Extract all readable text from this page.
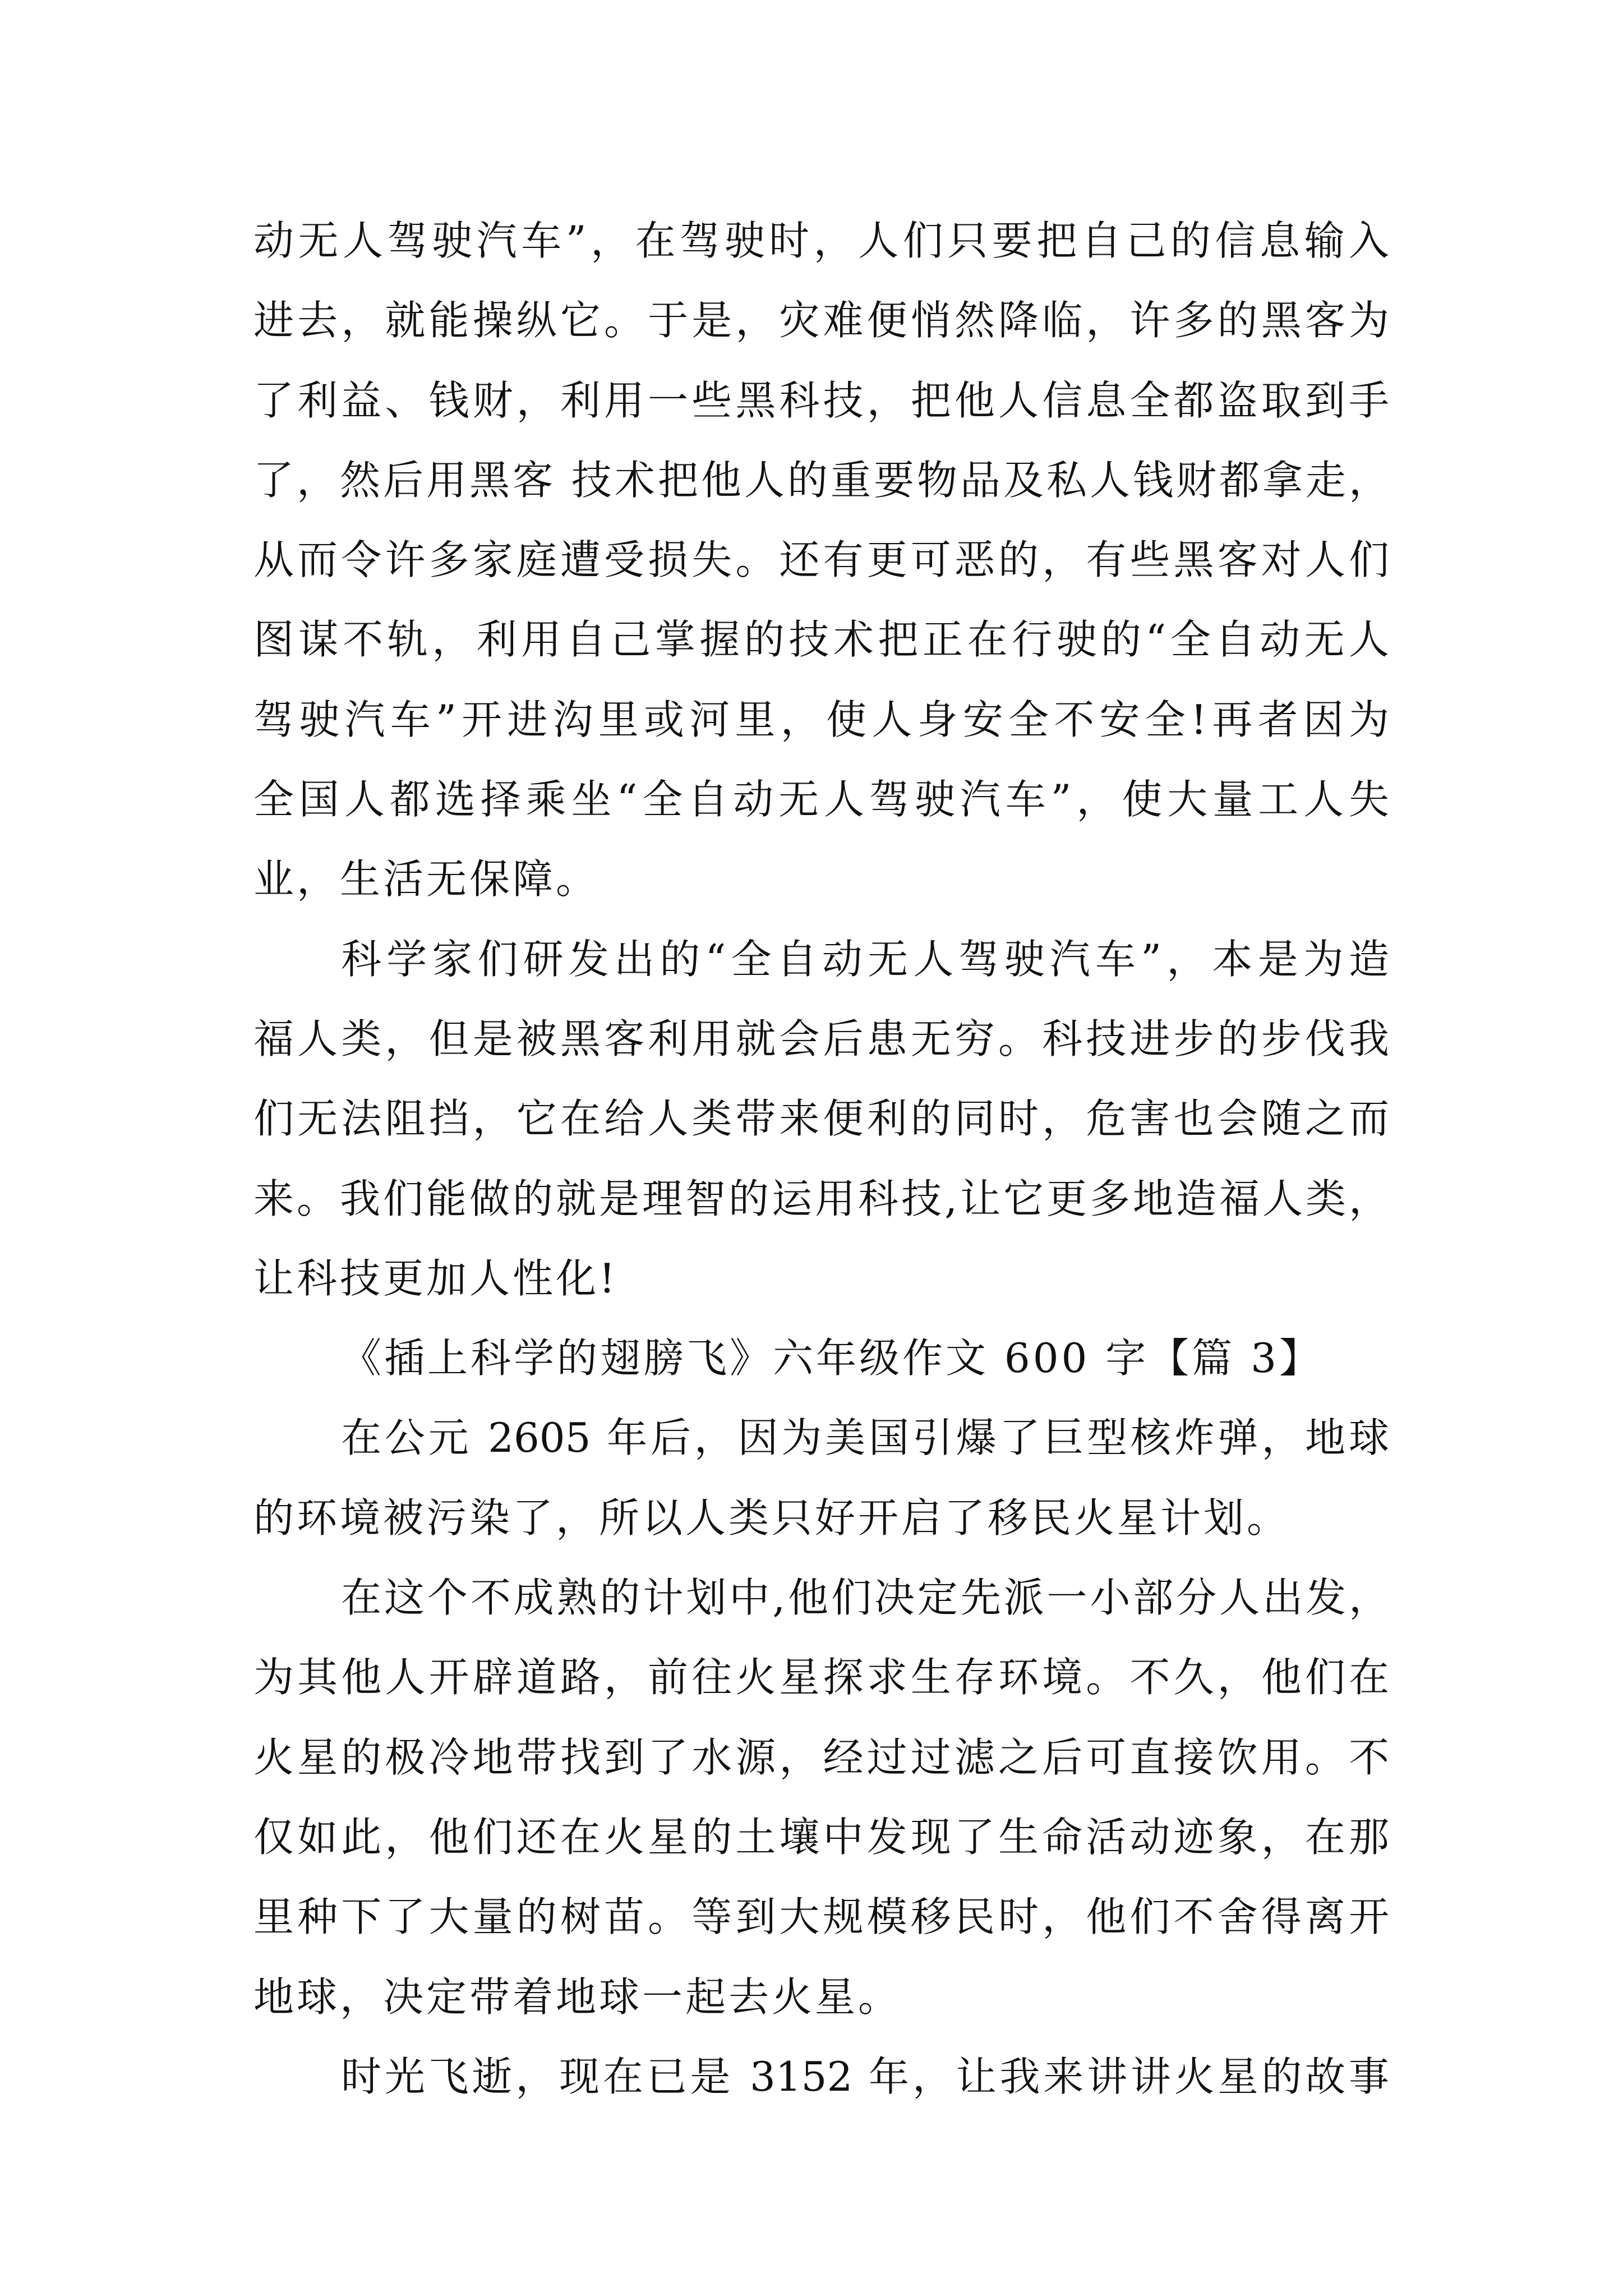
动无人驾驶汽车”，在驾驶时，人们只要把自己的信息输入
进去，就能操纵它。于是，灾难便悄然降临，许多的黑客为
了利益、钱财，利用一些黑科技，把他人信息全都盗取到手
了，然后用黑客 技术把他人的重要物品及私人钱财都拿走，
从而令许多家庭遭受损失。还有更可恶的，有些黑客对人们
图谋不轨，利用自己掌握的技术把正在行驶的“全自动无人
驾驶汽车”开进沟里或河里，使人身安全不安全!再者因为
全国人都选择乘坐“全自动无人驾驶汽车”，使大量工人失
业，生活无保障。
科学家们研发出的“全自动无人驾驶汽车”，本是为造
福人类，但是被黑客利用就会后患无穷。科技进步的步伐我
们无法阻挡，它在给人类带来便利的同时，危害也会随之而
来。我们能做的就是理智的运用科技,让它更多地造福人类，
让科技更加人性化!
《插上科学的翅膀飞》六年级作文 600 字【篇 3】
在公元 2605 年后，因为美国引爆了巨型核炸弹，地球
的环境被污染了，所以人类只好开启了移民火星计划。
在这个不成熟的计划中,他们决定先派一小部分人出发，
为其他人开辟道路，前往火星探求生存环境。不久，他们在
火星的极冷地带找到了水源，经过过滤之后可直接饮用。不
仅如此，他们还在火星的土壤中发现了生命活动迹象，在那
里种下了大量的树苗。等到大规模移民时，他们不舍得离开
地球，决定带着地球一起去火星。
时光飞逝，现在已是 3152 年，让我来讲讲火星的故事
